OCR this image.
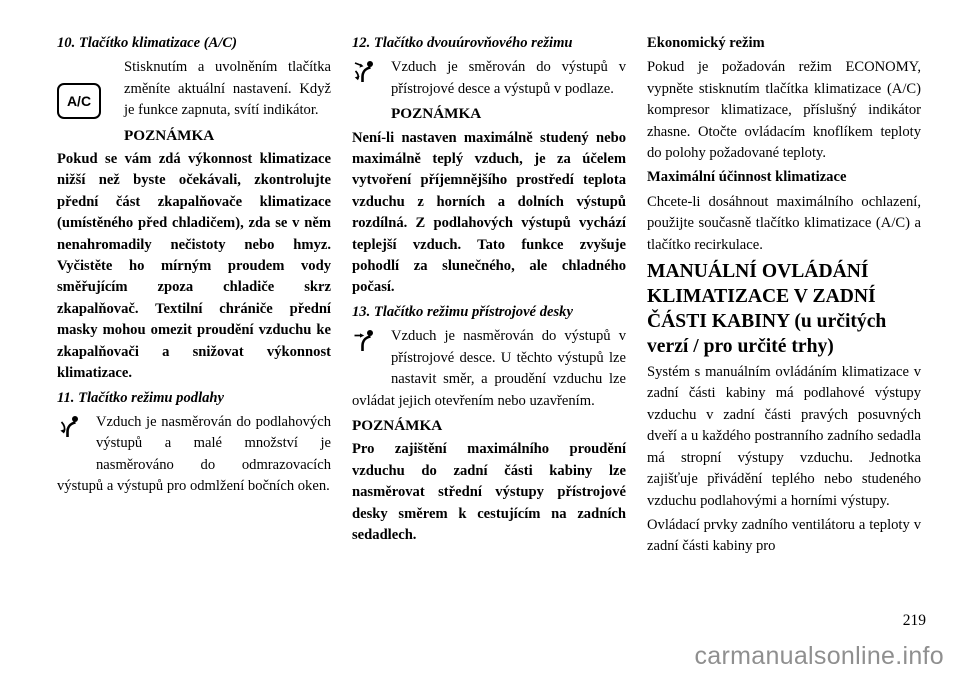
10. Tlačítko klimatizace (A/C)

A/C
Stisknutím a uvolněním tlačítka změníte aktuální nastavení. Když je funkce zapnuta, svítí indikátor.

POZNÁMKA

Pokud se vám zdá výkonnost klimatizace nižší než byste očekávali, zkontrolujte přední část zkapalňovače klimatizace (umístěného před chladičem), zda se v něm nenahromadily nečistoty nebo hmyz. Vyčistěte ho mírným proudem vody směřujícím zpoza chladiče skrz zkapalňovač. Textilní chrániče přední masky mohou omezit proudění vzduchu ke zkapalňovači a snižovat výkonnost klimatizace.

11. Tlačítko režimu podlahy

Vzduch je nasměrován do podlahových výstupů a malé množství je nasměrováno do odmrazovacích výstupů a výstupů pro odmlžení bočních oken.

12. Tlačítko dvouúrovňového režimu

Vzduch je směrován do výstupů v přístrojové desce a výstupů v podlaze.

POZNÁMKA

Není-li nastaven maximálně studený nebo maximálně teplý vzduch, je za účelem vytvoření příjemnějšího prostředí teplota vzduchu z horních a dolních výstupů rozdílná. Z podlahových výstupů vychází teplejší vzduch. Tato funkce zvyšuje pohodlí za slunečného, ale chladného počasí.

13. Tlačítko režimu přístrojové desky

Vzduch je nasměrován do výstupů v přístrojové desce. U těchto výstupů lze nastavit směr, a proudění vzduchu lze ovládat jejich otevřením nebo uzavřením.

POZNÁMKA

Pro zajištění maximálního proudění vzduchu do zadní části kabiny lze nasměrovat střední výstupy přístrojové desky směrem k cestujícím na zadních sedadlech.

Ekonomický režim

Pokud je požadován režim ECONOMY, vypněte stisknutím tlačítka klimatizace (A/C) kompresor klimatizace, příslušný indikátor zhasne. Otočte ovládacím knoflíkem teploty do polohy požadované teploty.

Maximální účinnost klimatizace

Chcete-li dosáhnout maximálního ochlazení, použijte současně tlačítko klimatizace (A/C) a tlačítko recirkulace.

MANUÁLNÍ OVLÁDÁNÍ KLIMATIZACE V ZADNÍ ČÁSTI KABINY (u určitých verzí / pro určité trhy)

Systém s manuálním ovládáním klimatizace v zadní části kabiny má podlahové výstupy vzduchu v zadní části pravých posuvných dveří a u každého postranního zadního sedadla má stropní výstupy vzduchu. Jednotka zajišťuje přivádění teplého nebo studeného vzduchu podlahovými a horními výstupy.

Ovládací prvky zadního ventilátoru a teploty v zadní části kabiny pro

219
carmanualsonline.info
